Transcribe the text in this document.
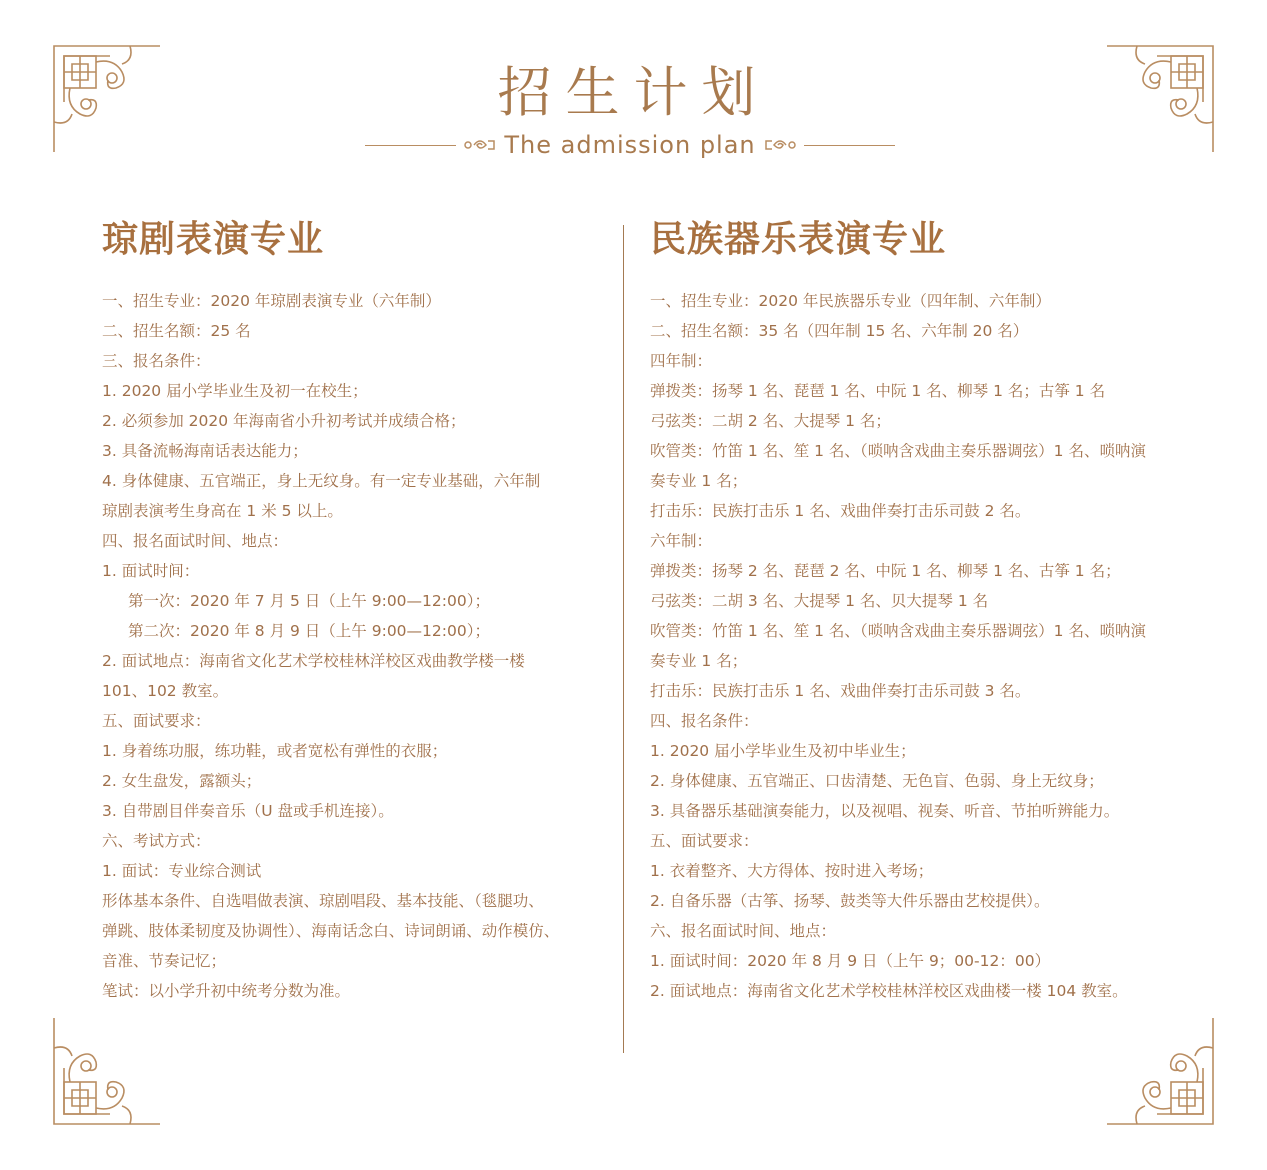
招生计划
The admission plan
琼剧表演专业
一、招生专业：2020 年琼剧表演专业（六年制）
二、招生名额：25 名
三、报名条件：
1. 2020 届小学毕业生及初一在校生；
2. 必须参加 2020 年海南省小升初考试并成绩合格；
3. 具备流畅海南话表达能力；
4. 身体健康、五官端正，身上无纹身。有一定专业基础，六年制
琼剧表演考生身高在 1 米 5 以上。
四、报名面试时间、地点：
1. 面试时间：
第一次：2020 年 7 月 5 日（上午 9:00—12:00）；
第二次：2020 年 8 月 9 日（上午 9:00—12:00）；
2. 面试地点：海南省文化艺术学校桂林洋校区戏曲教学楼一楼
101、102 教室。
五、面试要求：
1. 身着练功服，练功鞋，或者宽松有弹性的衣服；
2. 女生盘发，露额头；
3. 自带剧目伴奏音乐（U 盘或手机连接）。
六、考试方式：
1. 面试：专业综合测试
形体基本条件、自选唱做表演、琼剧唱段、基本技能、（毯腿功、
弹跳、肢体柔韧度及协调性）、海南话念白、诗词朗诵、动作模仿、
音准、节奏记忆；
笔试：以小学升初中统考分数为准。
民族器乐表演专业
一、招生专业：2020 年民族器乐专业（四年制、六年制）
二、招生名额：35 名（四年制 15 名、六年制 20 名）
四年制：
弹拨类：扬琴 1 名、琵琶 1 名、中阮 1 名、柳琴 1 名；古筝 1 名
弓弦类：二胡 2 名、大提琴 1 名；
吹管类：竹笛 1 名、笙 1 名、（唢呐含戏曲主奏乐器调弦）1 名、唢呐演
奏专业 1 名；
打击乐：民族打击乐 1 名、戏曲伴奏打击乐司鼓 2 名。
六年制：
弹拨类：扬琴 2 名、琵琶 2 名、中阮 1 名、柳琴 1 名、古筝 1 名；
弓弦类：二胡 3 名、大提琴 1 名、贝大提琴 1 名
吹管类：竹笛 1 名、笙 1 名、（唢呐含戏曲主奏乐器调弦）1 名、唢呐演
奏专业 1 名；
打击乐：民族打击乐 1 名、戏曲伴奏打击乐司鼓 3 名。
四、报名条件：
1. 2020 届小学毕业生及初中毕业生；
2. 身体健康、五官端正、口齿清楚、无色盲、色弱、身上无纹身；
3. 具备器乐基础演奏能力，以及视唱、视奏、听音、节拍听辨能力。
五、面试要求：
1. 衣着整齐、大方得体、按时进入考场；
2. 自备乐器（古筝、扬琴、鼓类等大件乐器由艺校提供）。
六、报名面试时间、地点：
1. 面试时间：2020 年 8 月 9 日（上午 9；00-12：00）
2. 面试地点：海南省文化艺术学校桂林洋校区戏曲楼一楼 104 教室。
